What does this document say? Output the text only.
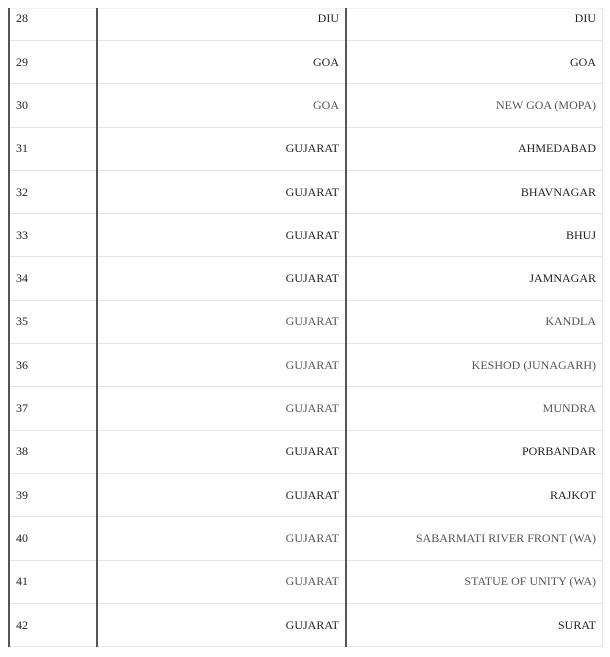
28	DIU	DIU
29	GOA	GOA
30	GOA	NEW GOA (MOPA)
31	GUJARAT	AHMEDABAD
32	GUJARAT	BHAVNAGAR
33	GUJARAT	BHUJ
34	GUJARAT	JAMNAGAR
35	GUJARAT	KANDLA
36	GUJARAT	KESHOD (JUNAGARH)
37	GUJARAT	MUNDRA
38	GUJARAT	PORBANDAR
39	GUJARAT	RAJKOT
40	GUJARAT	SABARMATI RIVER FRONT (WA)
41	GUJARAT	STATUE OF UNITY (WA)
42	GUJARAT	SURAT
